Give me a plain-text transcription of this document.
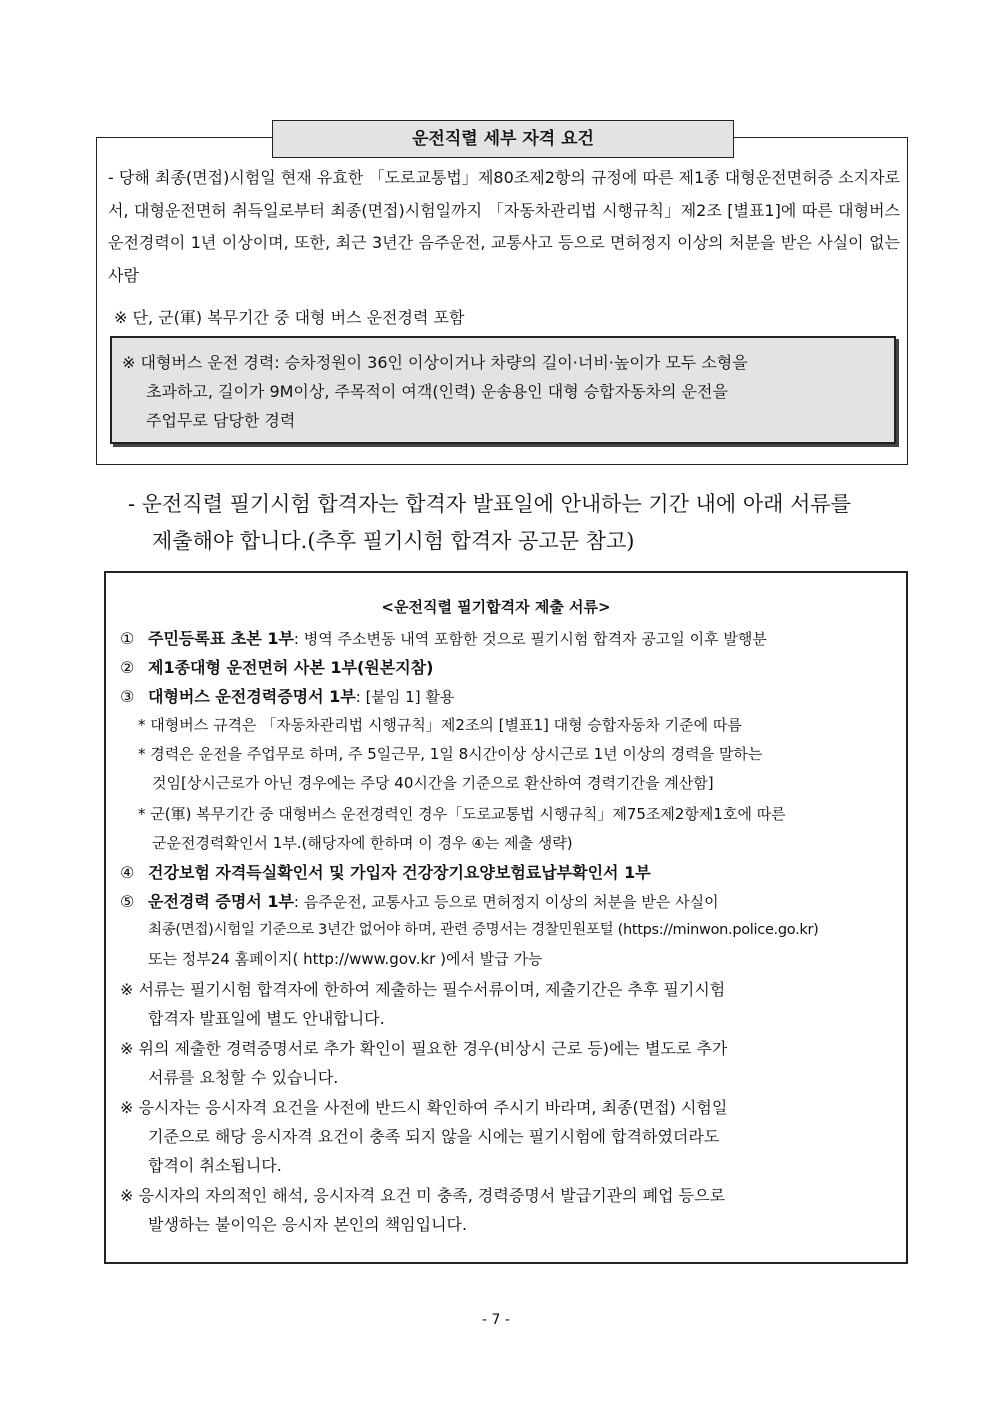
운전직렬 세부 자격 요건
- 당해 최종(면접)시험일 현재 유효한 「도로교통법」제80조제2항의 규정에 따른 제1종 대형운전면허증 소지자로서, 대형운전면허 취득일로부터 최종(면접)시험일까지 「자동차관리법 시행규칙」제2조 [별표1]에 따른 대형버스 운전경력이 1년 이상이며, 또한, 최근 3년간 음주운전, 교통사고 등으로 면허정지 이상의 처분을 받은 사실이 없는 사람
※ 단, 군(軍) 복무기간 중 대형 버스 운전경력 포함
※ 대형버스 운전 경력: 승차정원이 36인 이상이거나 차량의 길이·너비·높이가 모두 소형을
초과하고, 길이가 9M이상, 주목적이 여객(인력) 운송용인 대형 승합자동차의 운전을
주업무로 담당한 경력
- 운전직렬 필기시험 합격자는 합격자 발표일에 안내하는 기간 내에 아래 서류를
제출해야 합니다.(추후 필기시험 합격자 공고문 참고)
<운전직렬 필기합격자 제출 서류>
① 주민등록표 초본 1부: 병역 주소변동 내역 포함한 것으로 필기시험 합격자 공고일 이후 발행분
② 제1종대형 운전면허 사본 1부(원본지참)
③ 대형버스 운전경력증명서 1부: [붙임 1] 활용
* 대형버스 규격은 「자동차관리법 시행규칙」제2조의 [별표1] 대형 승합자동차 기준에 따름
* 경력은 운전을 주업무로 하며, 주 5일근무, 1일 8시간이상 상시근로 1년 이상의 경력을 말하는
것임[상시근로가 아닌 경우에는 주당 40시간을 기준으로 환산하여 경력기간을 계산함]
* 군(軍) 복무기간 중 대형버스 운전경력인 경우「도로교통법 시행규칙」제75조제2항제1호에 따른
군운전경력확인서 1부.(해당자에 한하며 이 경우 ④는 제출 생략)
④ 건강보험 자격득실확인서 및 가입자 건강장기요양보험료납부확인서 1부
⑤ 운전경력 증명서 1부: 음주운전, 교통사고 등으로 면허정지 이상의 처분을 받은 사실이
최종(면접)시험일 기준으로 3년간 없어야 하며, 관련 증명서는 경찰민원포털 (https://minwon.police.go.kr)
또는 정부24 홈페이지( http://www.gov.kr )에서 발급 가능
※ 서류는 필기시험 합격자에 한하여 제출하는 필수서류이며, 제출기간은 추후 필기시험
합격자 발표일에 별도 안내합니다.
※ 위의 제출한 경력증명서로 추가 확인이 필요한 경우(비상시 근로 등)에는 별도로 추가
서류를 요청할 수 있습니다.
※ 응시자는 응시자격 요건을 사전에 반드시 확인하여 주시기 바라며, 최종(면접) 시험일
기준으로 해당 응시자격 요건이 충족 되지 않을 시에는 필기시험에 합격하였더라도
합격이 취소됩니다.
※ 응시자의 자의적인 해석, 응시자격 요건 미 충족, 경력증명서 발급기관의 폐업 등으로
발생하는 불이익은 응시자 본인의 책임입니다.
- 7 -
